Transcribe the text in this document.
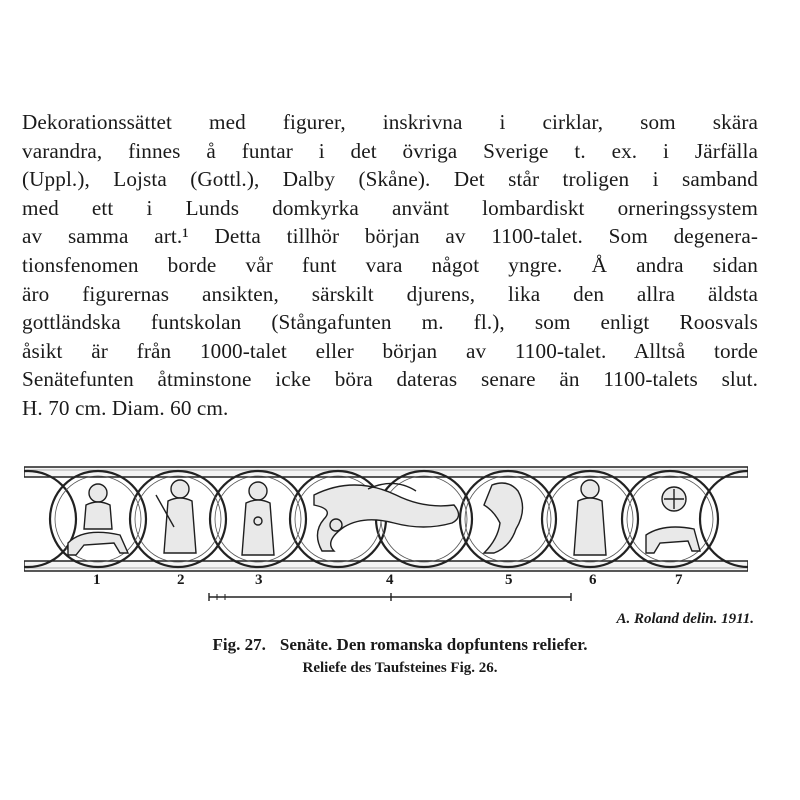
Dekorationssättet med figurer, inskrivna i cirklar, som skära
varandra, finnes å funtar i det övriga Sverige t. ex. i Järfälla
(Uppl.), Lojsta (Gottl.), Dalby (Skåne). Det står troligen i samband
med ett i Lunds domkyrka använt lombardiskt orneringssystem
av samma art.¹ Detta tillhör början av 1100-talet. Som degenera-
tionsfenomen borde vår funt vara något yngre. Å andra sidan
äro figurernas ansikten, särskilt djurens, lika den allra äldsta
gottländska funtskolan (Stångafunten m. fl.), som enligt Roosvals
åsikt är från 1000-talet eller början av 1100-talet. Alltså torde
Senätefunten åtminstone icke böra dateras senare än 1100-talets slut.
H. 70 cm. Diam. 60 cm.
1	2	3	4	5	6	7
A. Roland delin. 1911.
Fig. 27. Senäte. Den romanska dopfuntens reliefer.
Reliefe des Taufsteines Fig. 26.
